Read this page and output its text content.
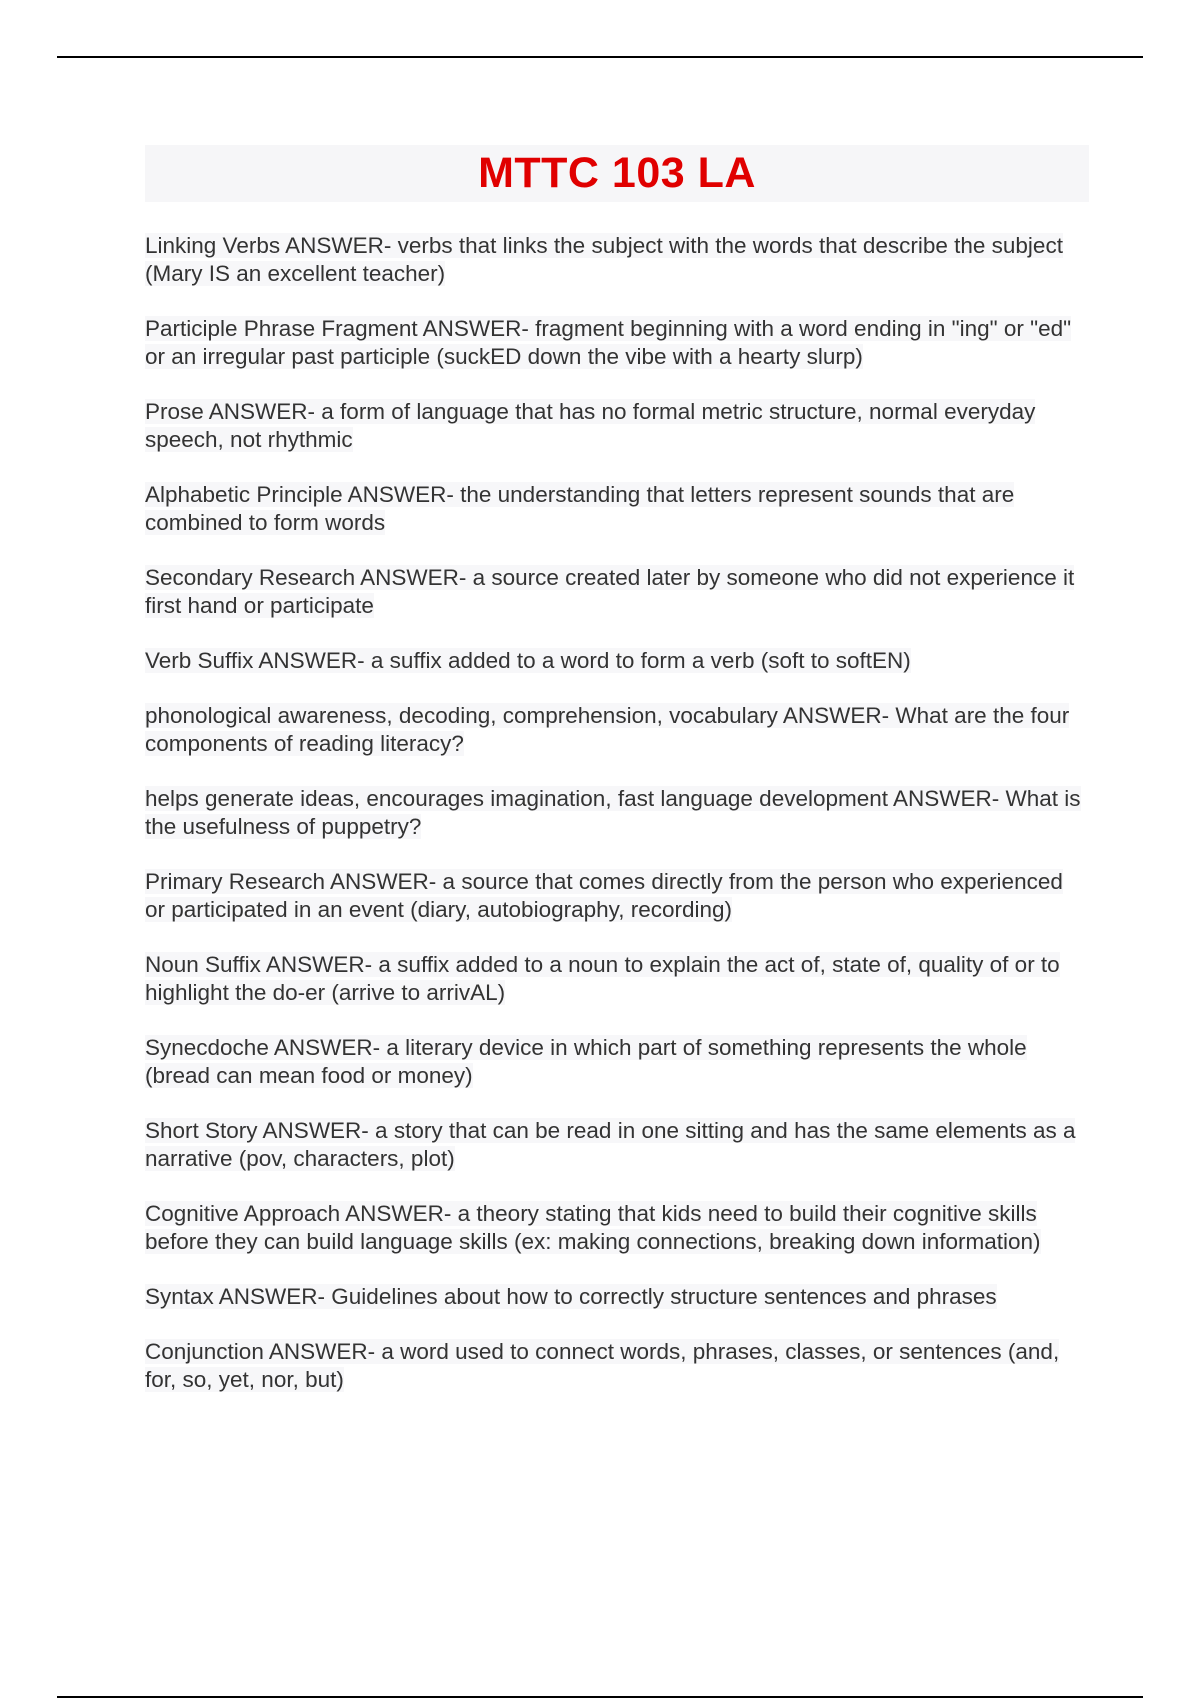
MTTC 103 LA

Linking Verbs ANSWER- verbs that links the subject with the words that describe the subject (Mary IS an excellent teacher)

Participle Phrase Fragment ANSWER- fragment beginning with a word ending in "ing" or "ed" or an irregular past participle (suckED down the vibe with a hearty slurp)

Prose ANSWER- a form of language that has no formal metric structure, normal everyday speech, not rhythmic

Alphabetic Principle ANSWER- the understanding that letters represent sounds that are combined to form words

Secondary Research ANSWER- a source created later by someone who did not experience it first hand or participate

Verb Suffix ANSWER- a suffix added to a word to form a verb (soft to softEN)

phonological awareness, decoding, comprehension, vocabulary ANSWER- What are the four components of reading literacy?

helps generate ideas, encourages imagination, fast language development ANSWER- What is the usefulness of puppetry?

Primary Research ANSWER- a source that comes directly from the person who experienced or participated in an event (diary, autobiography, recording)

Noun Suffix ANSWER- a suffix added to a noun to explain the act of, state of, quality of or to highlight the do-er (arrive to arrivAL)

Synecdoche ANSWER- a literary device in which part of something represents the whole (bread can mean food or money)

Short Story ANSWER- a story that can be read in one sitting and has the same elements as a narrative (pov, characters, plot)

Cognitive Approach ANSWER- a theory stating that kids need to build their cognitive skills before they can build language skills (ex: making connections, breaking down information)

Syntax ANSWER- Guidelines about how to correctly structure sentences and phrases

Conjunction ANSWER- a word used to connect words, phrases, classes, or sentences (and, for, so, yet, nor, but)
